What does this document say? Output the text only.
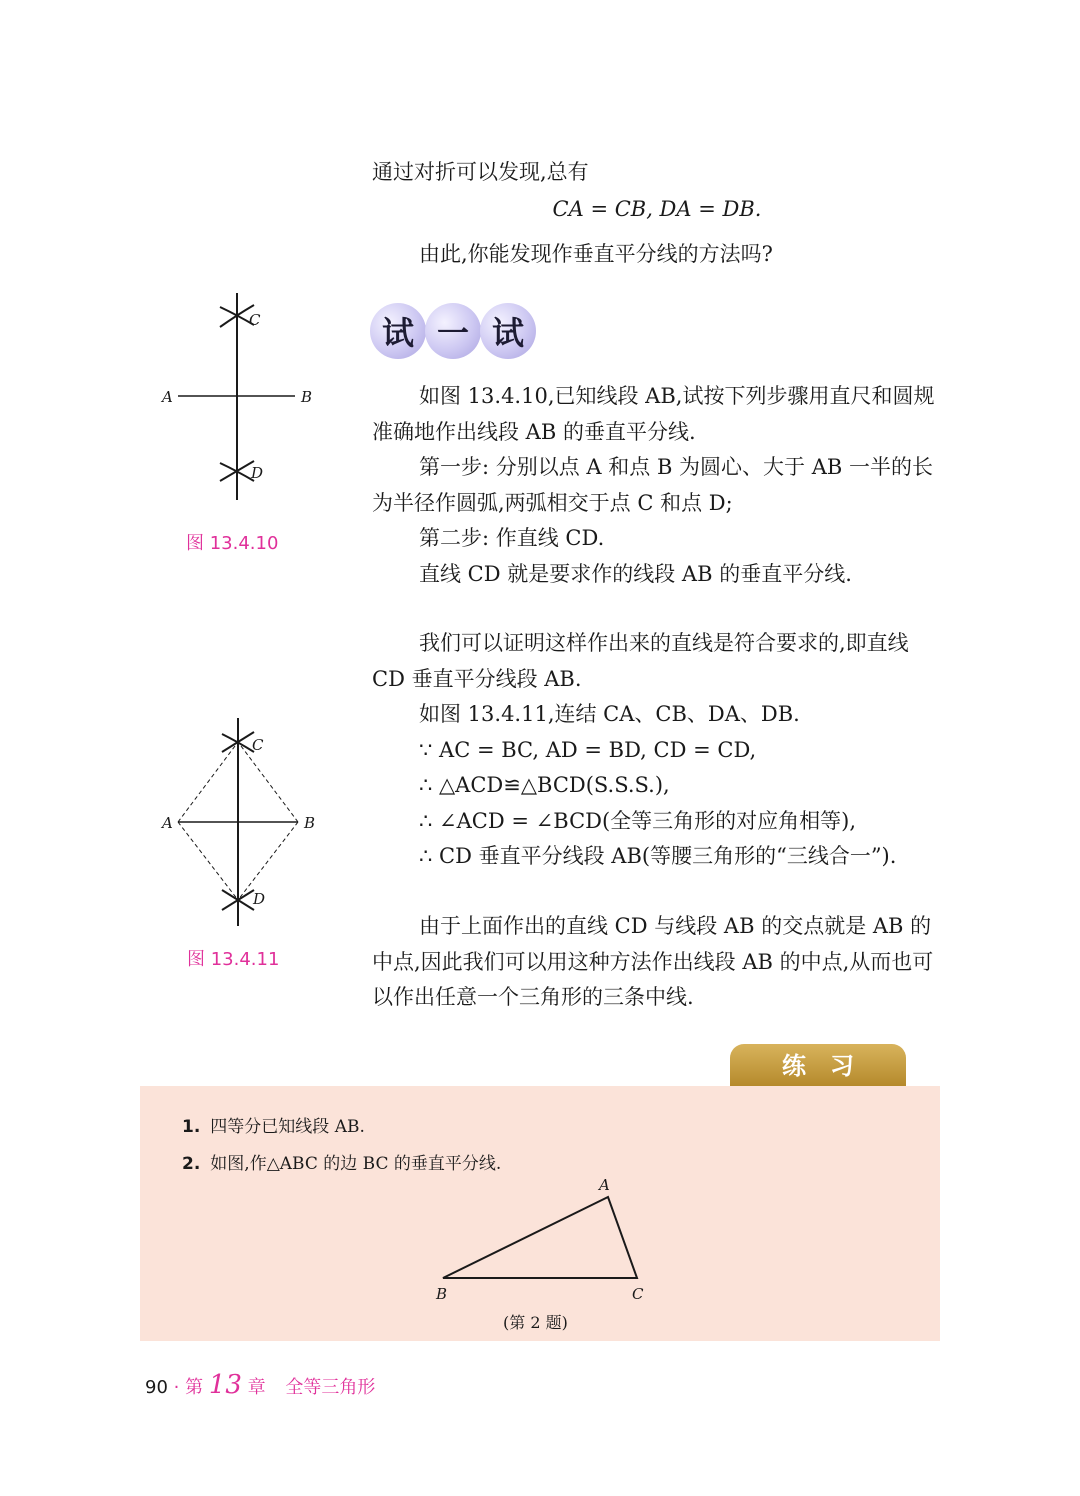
通过对折可以发现,总有

CA = CB, DA = DB.

由此,你能发现作垂直平分线的方法吗?

试 一 试

如图 13.4.10,已知线段 AB,试按下列步骤用直尺和圆规准确地作出线段 AB 的垂直平分线.

第一步: 分别以点 A 和点 B 为圆心、大于 AB 一半的长为半径作圆弧,两弧相交于点 C 和点 D;

第二步: 作直线 CD.

直线 CD 就是要求作的线段 AB 的垂直平分线.

我们可以证明这样作出来的直线是符合要求的,即直线 CD 垂直平分线段 AB.

如图 13.4.11,连结 CA、CB、DA、DB.

∵ AC = BC, AD = BD, CD = CD,

∴ △ACD≌△BCD(S.S.S.),

∴ ∠ACD = ∠BCD(全等三角形的对应角相等),

∴ CD 垂直平分线段 AB(等腰三角形的“三线合一”).

由于上面作出的直线 CD 与线段 AB 的交点就是 AB 的中点,因此我们可以用这种方法作出线段 AB 的中点,从而也可以作出任意一个三角形的三条中线.

A	B
C
D
图 13.4.10
A	B
C
D
图 13.4.11
练　习
1. 四等分已知线段 AB.
2. 如图,作△ABC 的边 BC 的垂直平分线.
A
B	C
(第 2 题)
90 · 第 13 章 全等三角形
